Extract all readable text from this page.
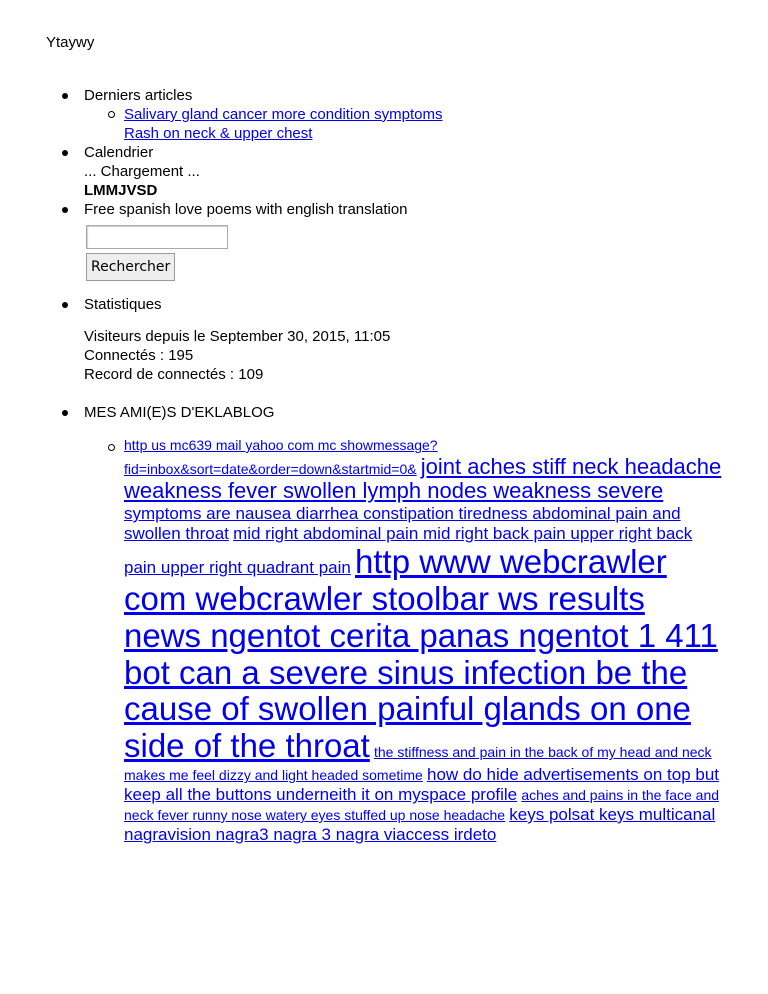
Ytaywy
Derniers articles
Salivary gland cancer more condition symptoms
Rash on neck & upper chest
Calendrier
... Chargement ...
LMMJVSD
Free spanish love poems with english translation
Rechercher
Statistiques
Visiteurs depuis le September 30, 2015, 11:05
Connectés : 195
Record de connectés : 109
MES AMI(E)S D'EKLABLOG
http us mc639 mail yahoo com mc showmessage? fid=inbox&sort=date&order=down&startmid=0& joint aches stiff neck headache weakness fever swollen lymph nodes weakness severe symptoms are nausea diarrhea constipation tiredness abdominal pain and swollen throat mid right abdominal pain mid right back pain upper right back pain upper right quadrant pain http www webcrawler com webcrawler stoolbar ws results news ngentot cerita panas ngentot 1 411 bot can a severe sinus infection be the cause of swollen painful glands on one side of the throat the stiffness and pain in the back of my head and neck makes me feel dizzy and light headed sometime how do hide advertisements on top but keep all the buttons underneith it on myspace profile aches and pains in the face and neck fever runny nose watery eyes stuffed up nose headache keys polsat keys multicanal nagravision nagra3 nagra 3 nagra viaccess irdeto
